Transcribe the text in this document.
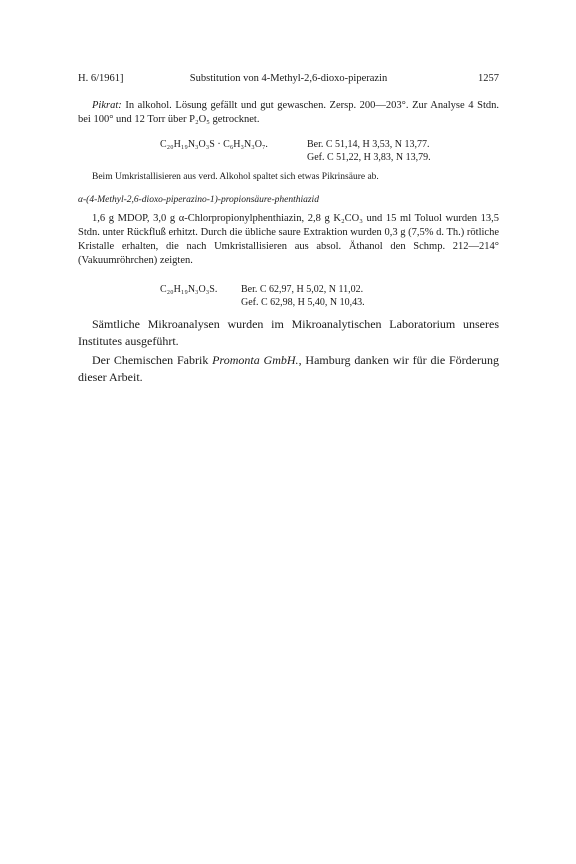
H. 6/1961]	Substitution von 4-Methyl-2,6-dioxo-piperazin	1257
Pikrat: In alkohol. Lösung gefällt und gut gewaschen. Zersp. 200—203°. Zur Analyse 4 Stdn. bei 100° und 12 Torr über P₂O₅ getrocknet.
C₂₀H₁₉N₃O₃S · C₆H₃N₃O₇.	Ber. C 51,14, H 3,53, N 13,77.
Gef. C 51,22, H 3,83, N 13,79.
Beim Umkristallisieren aus verd. Alkohol spaltet sich etwas Pikrinsäure ab.
α-(4-Methyl-2,6-dioxo-piperazino-1)-propionsäure-phenthiazid
1,6 g MDOP, 3,0 g α-Chlorpropionylphenthiazin, 2,8 g K₂CO₃ und 15 ml Toluol wurden 13,5 Stdn. unter Rückfluß erhitzt. Durch die übliche saure Extraktion wurden 0,3 g (7,5% d. Th.) rötliche Kristalle erhalten, die nach Umkristallisieren aus absol. Äthanol den Schmp. 212—214° (Vakuumröhrchen) zeigten.
C₂₀H₁₉N₃O₃S. Ber. C 62,97, H 5,02, N 11,02.
Gef. C 62,98, H 5,40, N 10,43.
Sämtliche Mikroanalysen wurden im Mikroanalytischen Laboratorium unseres Institutes ausgeführt.
Der Chemischen Fabrik Promonta GmbH., Hamburg danken wir für die Förderung dieser Arbeit.
